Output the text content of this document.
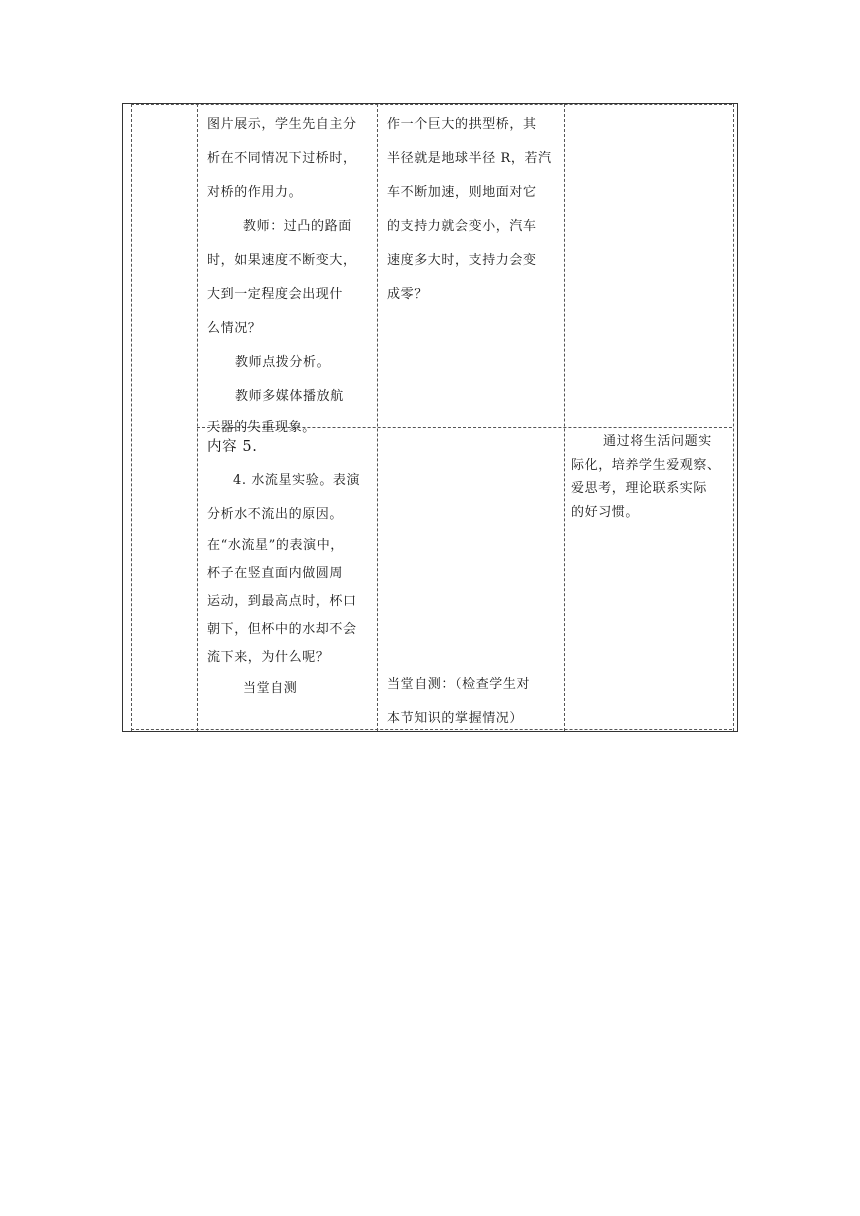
图片展示，学生先自主分

析在不同情况下过桥时，

对桥的作用力。

教师：过凸的路面

时，如果速度不断变大，

大到一定程度会出现什

么情况？

教师点拨分析。

教师多媒体播放航

天器的失重现象。

作一个巨大的拱型桥，其

半径就是地球半径 R，若汽

车不断加速，则地面对它

的支持力就会变小，汽车

速度多大时，支持力会变

成零？

内容 5.

4. 水流星实验。表演

分析水不流出的原因。

在“水流星”的表演中，

杯子在竖直面内做圆周

运动，到最高点时，杯口

朝下，但杯中的水却不会

流下来，为什么呢？

当堂自测	当堂自测：（检查学生对

本节知识的掌握情况）

通过将生活问题实

际化，培养学生爱观察、

爱思考，理论联系实际

的好习惯。
